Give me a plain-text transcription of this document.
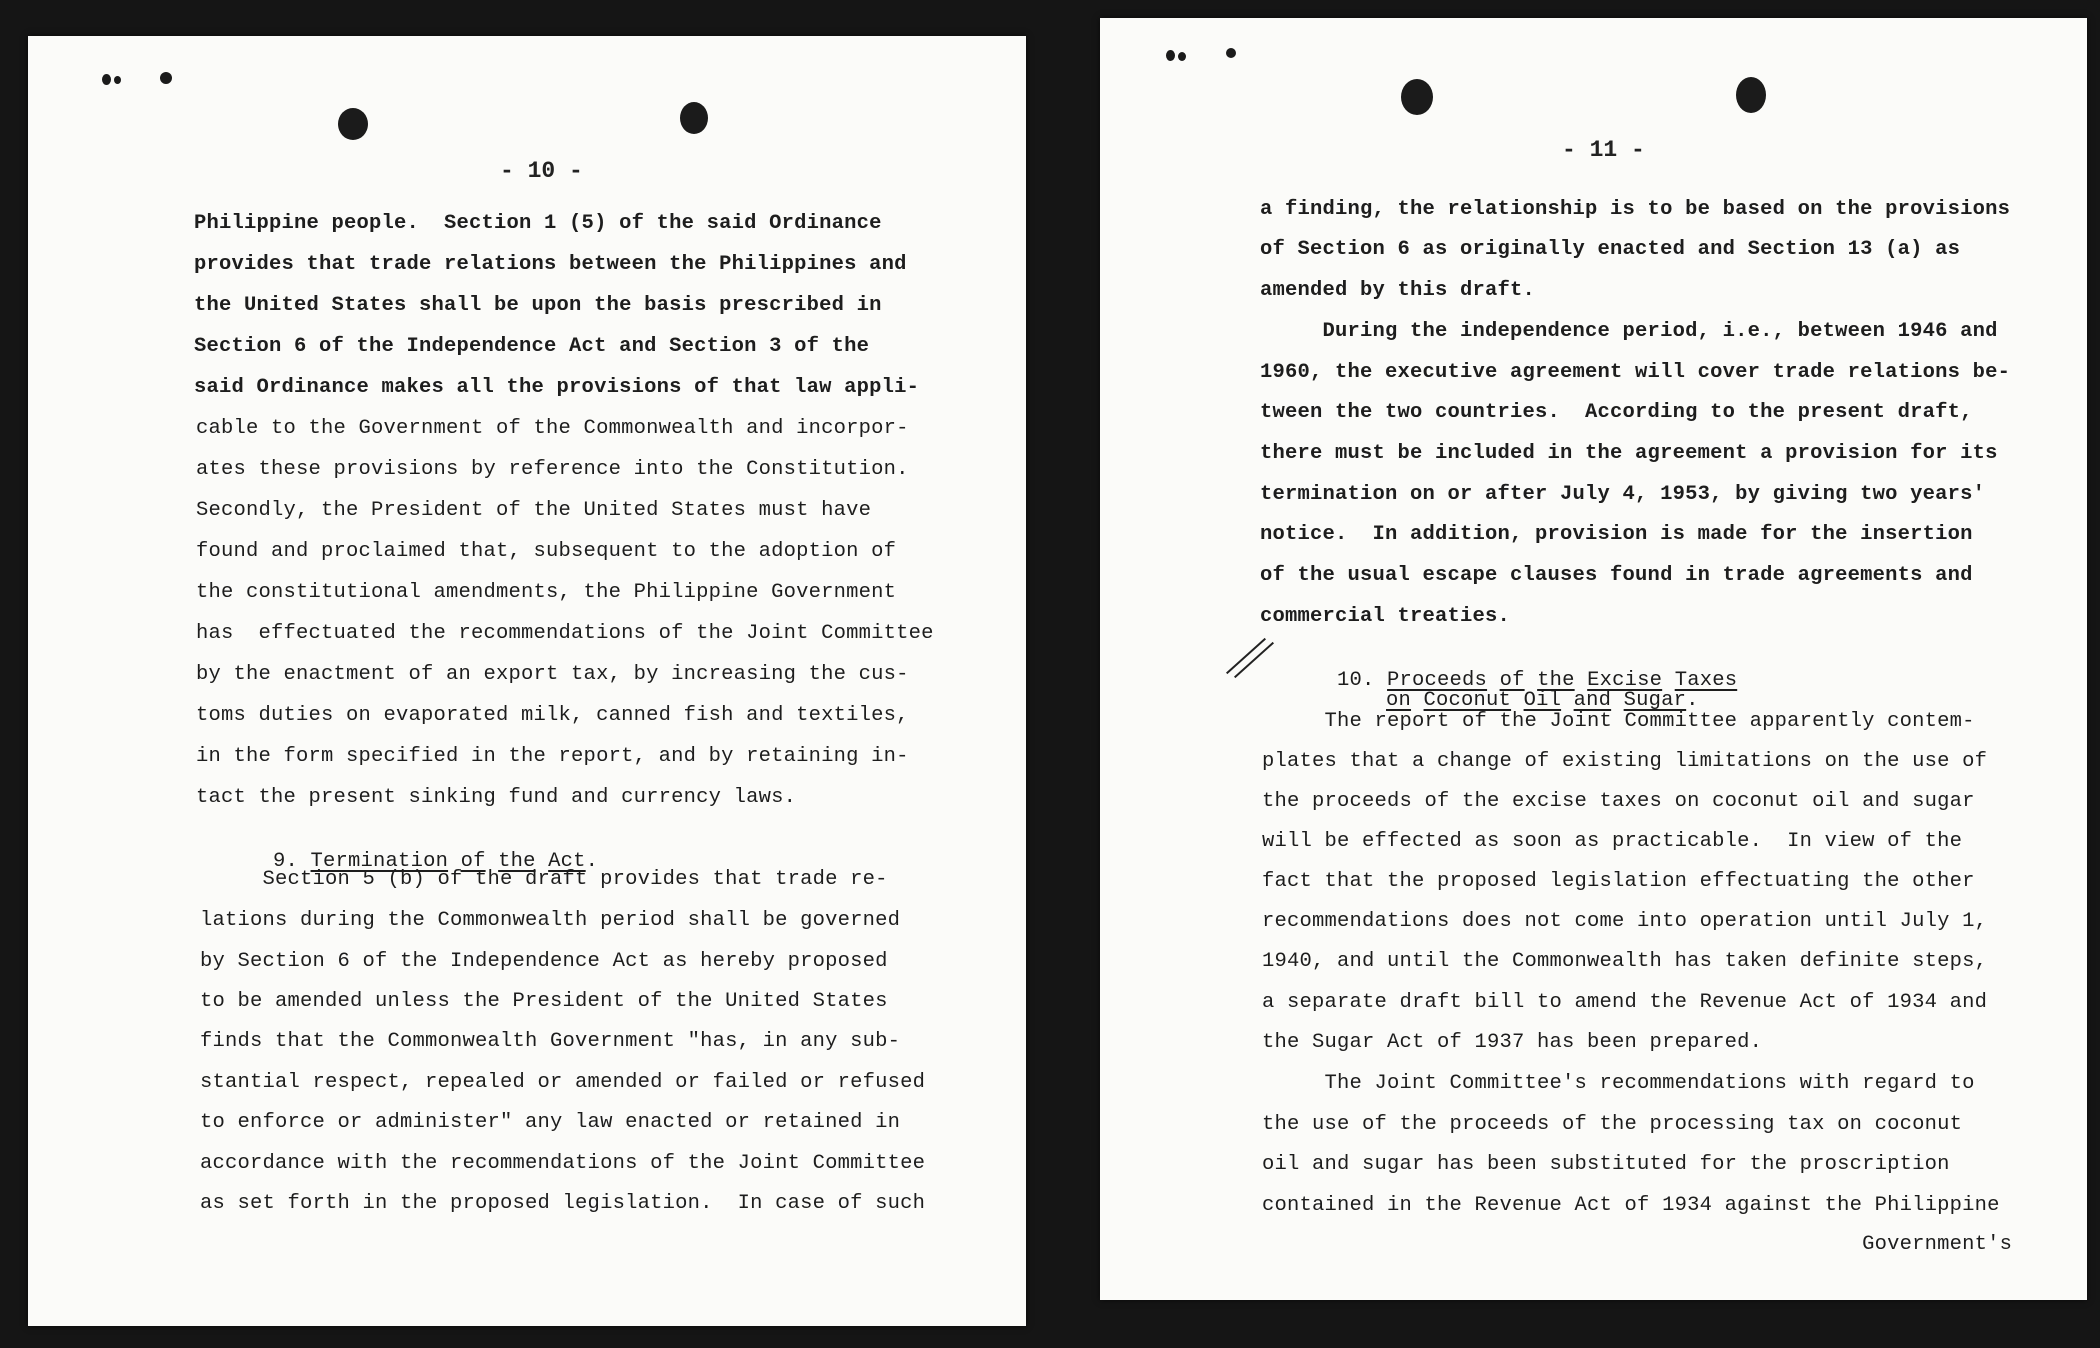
- 10 -
Philippine people.  Section 1 (5) of the said Ordinance
provides that trade relations between the Philippines and
the United States shall be upon the basis prescribed in
Section 6 of the Independence Act and Section 3 of the
said Ordinance makes all the provisions of that law appli-
cable to the Government of the Commonwealth and incorpor-
ates these provisions by reference into the Constitution.
Secondly, the President of the United States must have
found and proclaimed that, subsequent to the adoption of
the constitutional amendments, the Philippine Government
has  effectuated the recommendations of the Joint Committee
by the enactment of an export tax, by increasing the cus-
toms duties on evaporated milk, canned fish and textiles,
in the form specified in the report, and by retaining in-
tact the present sinking fund and currency laws.

9. Termination of the Act.

Section 5 (b) of the draft provides that trade re-
lations during the Commonwealth period shall be governed
by Section 6 of the Independence Act as hereby proposed
to be amended unless the President of the United States
finds that the Commonwealth Government "has, in any sub-
stantial respect, repealed or amended or failed or refused
to enforce or administer" any law enacted or retained in
accordance with the recommendations of the Joint Committee
as set forth in the proposed legislation.  In case of such
- 11 -
a finding, the relationship is to be based on the provisions
of Section 6 as originally enacted and Section 13 (a) as
amended by this draft.
During the independence period, i.e., between 1946 and
1960, the executive agreement will cover trade relations be-
tween the two countries.  According to the present draft,
there must be included in the agreement a provision for its
termination on or after July 4, 1953, by giving two years'
notice.  In addition, provision is made for the insertion
of the usual escape clauses found in trade agreements and
commercial treaties.

10. Proceeds of the Excise Taxes

on Coconut Oil and Sugar.

The report of the Joint Committee apparently contem-
plates that a change of existing limitations on the use of
the proceeds of the excise taxes on coconut oil and sugar
will be effected as soon as practicable.  In view of the
fact that the proposed legislation effectuating the other
recommendations does not come into operation until July 1,
1940, and until the Commonwealth has taken definite steps,
a separate draft bill to amend the Revenue Act of 1934 and
the Sugar Act of 1937 has been prepared.
The Joint Committee's recommendations with regard to
the use of the proceeds of the processing tax on coconut
oil and sugar has been substituted for the proscription
contained in the Revenue Act of 1934 against the Philippine
Government's
